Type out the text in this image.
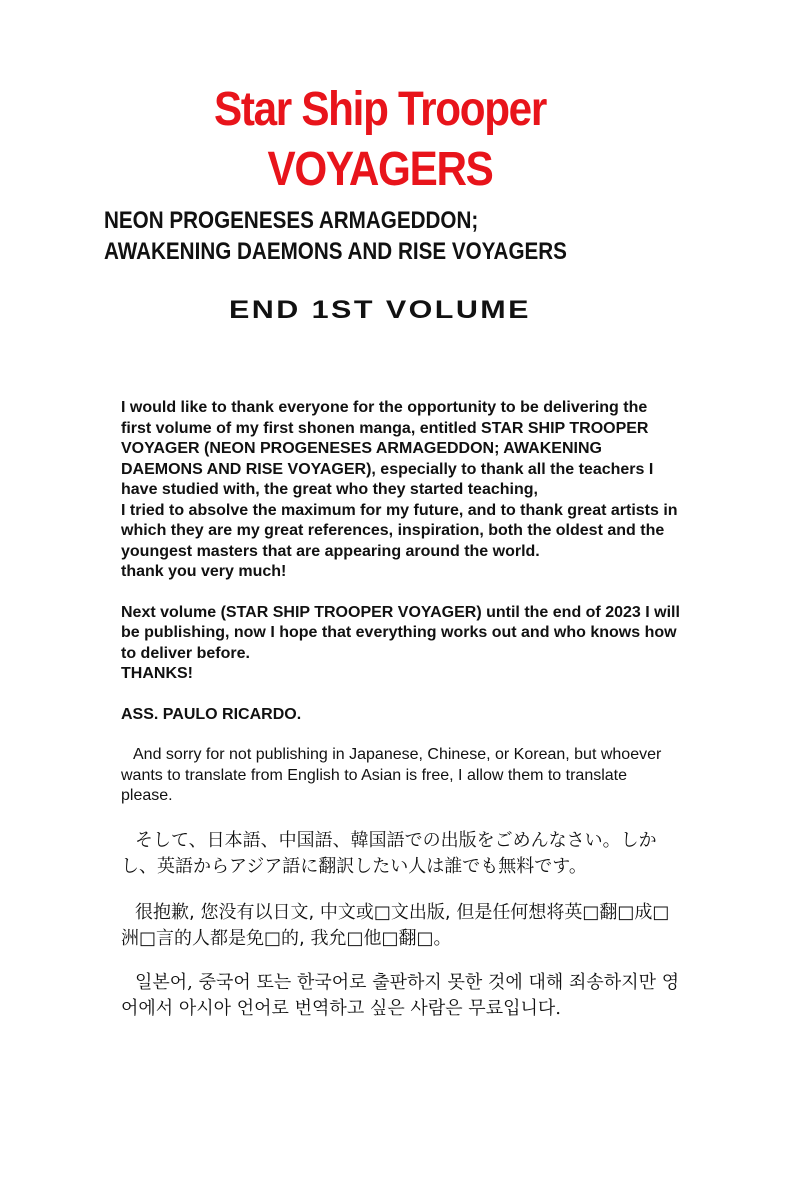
Star Ship Trooper
VOYAGERS
NEON PROGENESES ARMAGEDDON;
AWAKENING DAEMONS AND RISE VOYAGERS
END 1ST VOLUME

I would like to thank everyone for the opportunity to be delivering the first volume of my first shonen manga, entitled STAR SHIP TROOPER VOYAGER (NEON PROGENESES ARMAGEDDON; AWAKENING DAEMONS AND RISE VOYAGER), especially to thank all the teachers I have studied with, the great who they started teaching,

I tried to absolve the maximum for my future, and to thank great artists in which they are my great references, inspiration, both the oldest and the youngest masters that are appearing around the world.

thank you very much!

Next volume (STAR SHIP TROOPER VOYAGER) until the end of 2023 I will be publishing, now I hope that everything works out and who knows how to deliver before.

THANKS!

ASS. PAULO RICARDO.

And sorry for not publishing in Japanese, Chinese, or Korean, but whoever wants to translate from English to Asian is free, I allow them to translate please.

そして、日本語、中国語、韓国語での出版をごめんなさい。しかし、英語からアジア語に翻訳したい人は誰でも無料です。

很抱歉, 您没有以日文, 中文或□文出版, 但是任何想将英□翻□成□洲□言的人都是免□的, 我允□他□翻□。

일본어, 중국어 또는 한국어로 출판하지 못한 것에 대해 죄송하지만 영어에서 아시아 언어로 번역하고 싶은 사람은 무료입니다.
